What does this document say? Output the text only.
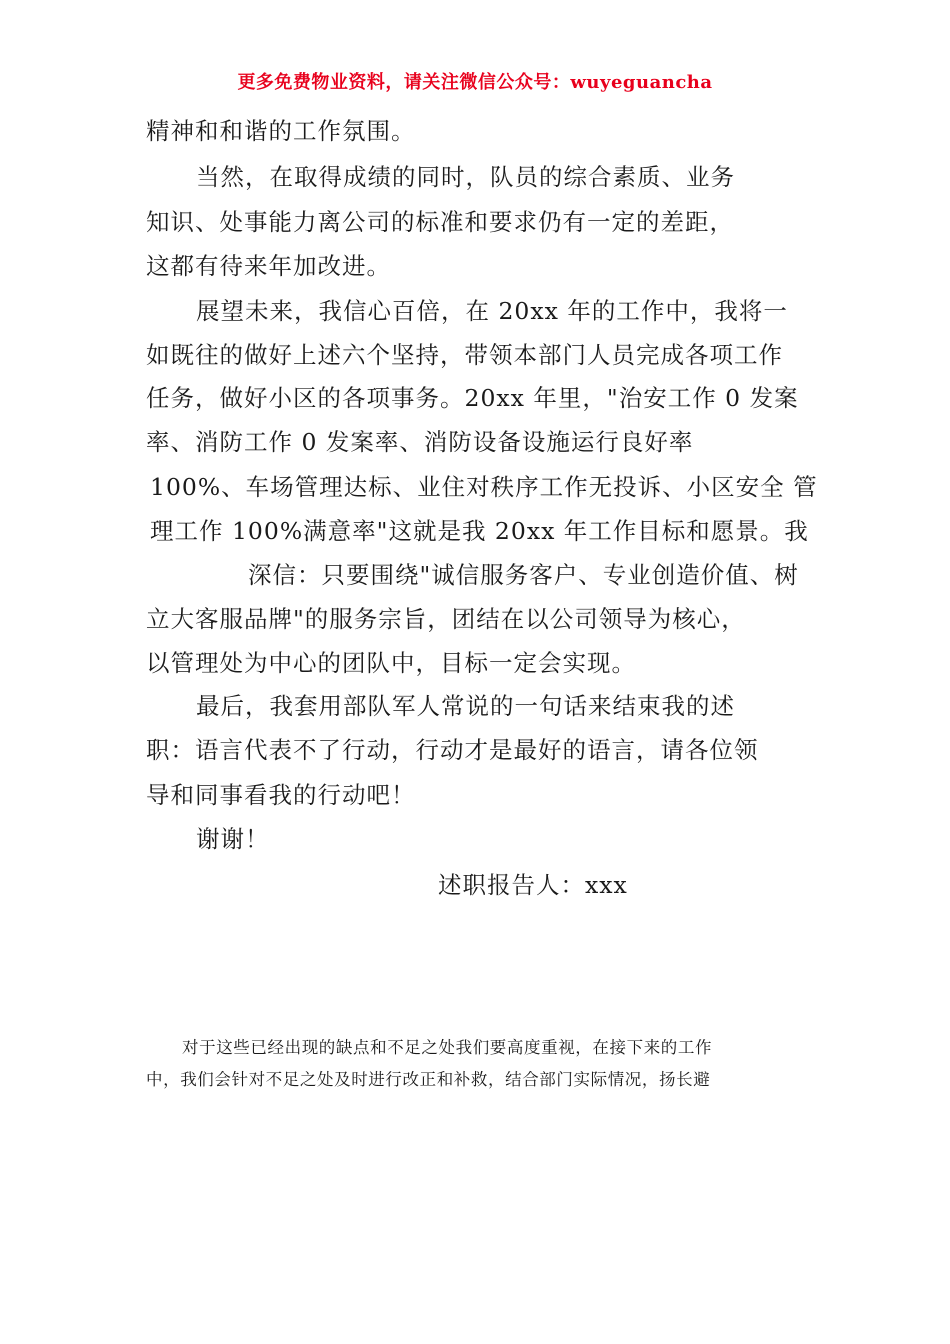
更多免费物业资料，请关注微信公众号：wuyeguancha
精神和和谐的工作氛围。
当然，在取得成绩的同时，队员的综合素质、业务
知识、处事能力离公司的标准和要求仍有一定的差距，
这都有待来年加改进。
展望未来，我信心百倍，在 20xx 年的工作中，我将一
如既往的做好上述六个坚持，带领本部门人员完成各项工作
任务，做好小区的各项事务。20xx 年里，"治安工作 0 发案
率、消防工作 0 发案率、消防设备设施运行良好率
100%、车场管理达标、业住对秩序工作无投诉、小区安全 管
理工作 100%满意率"这就是我 20xx 年工作目标和愿景。我
深信：只要围绕"诚信服务客户、专业创造价值、树
立大客服品牌"的服务宗旨，团结在以公司领导为核心，
以管理处为中心的团队中，目标一定会实现。
最后，我套用部队军人常说的一句话来结束我的述
职：语言代表不了行动，行动才是最好的语言，请各位领
导和同事看我的行动吧！
谢谢！
述职报告人：xxx
对于这些已经出现的缺点和不足之处我们要高度重视，在接下来的工作
中，我们会针对不足之处及时进行改正和补救，结合部门实际情况，扬长避
